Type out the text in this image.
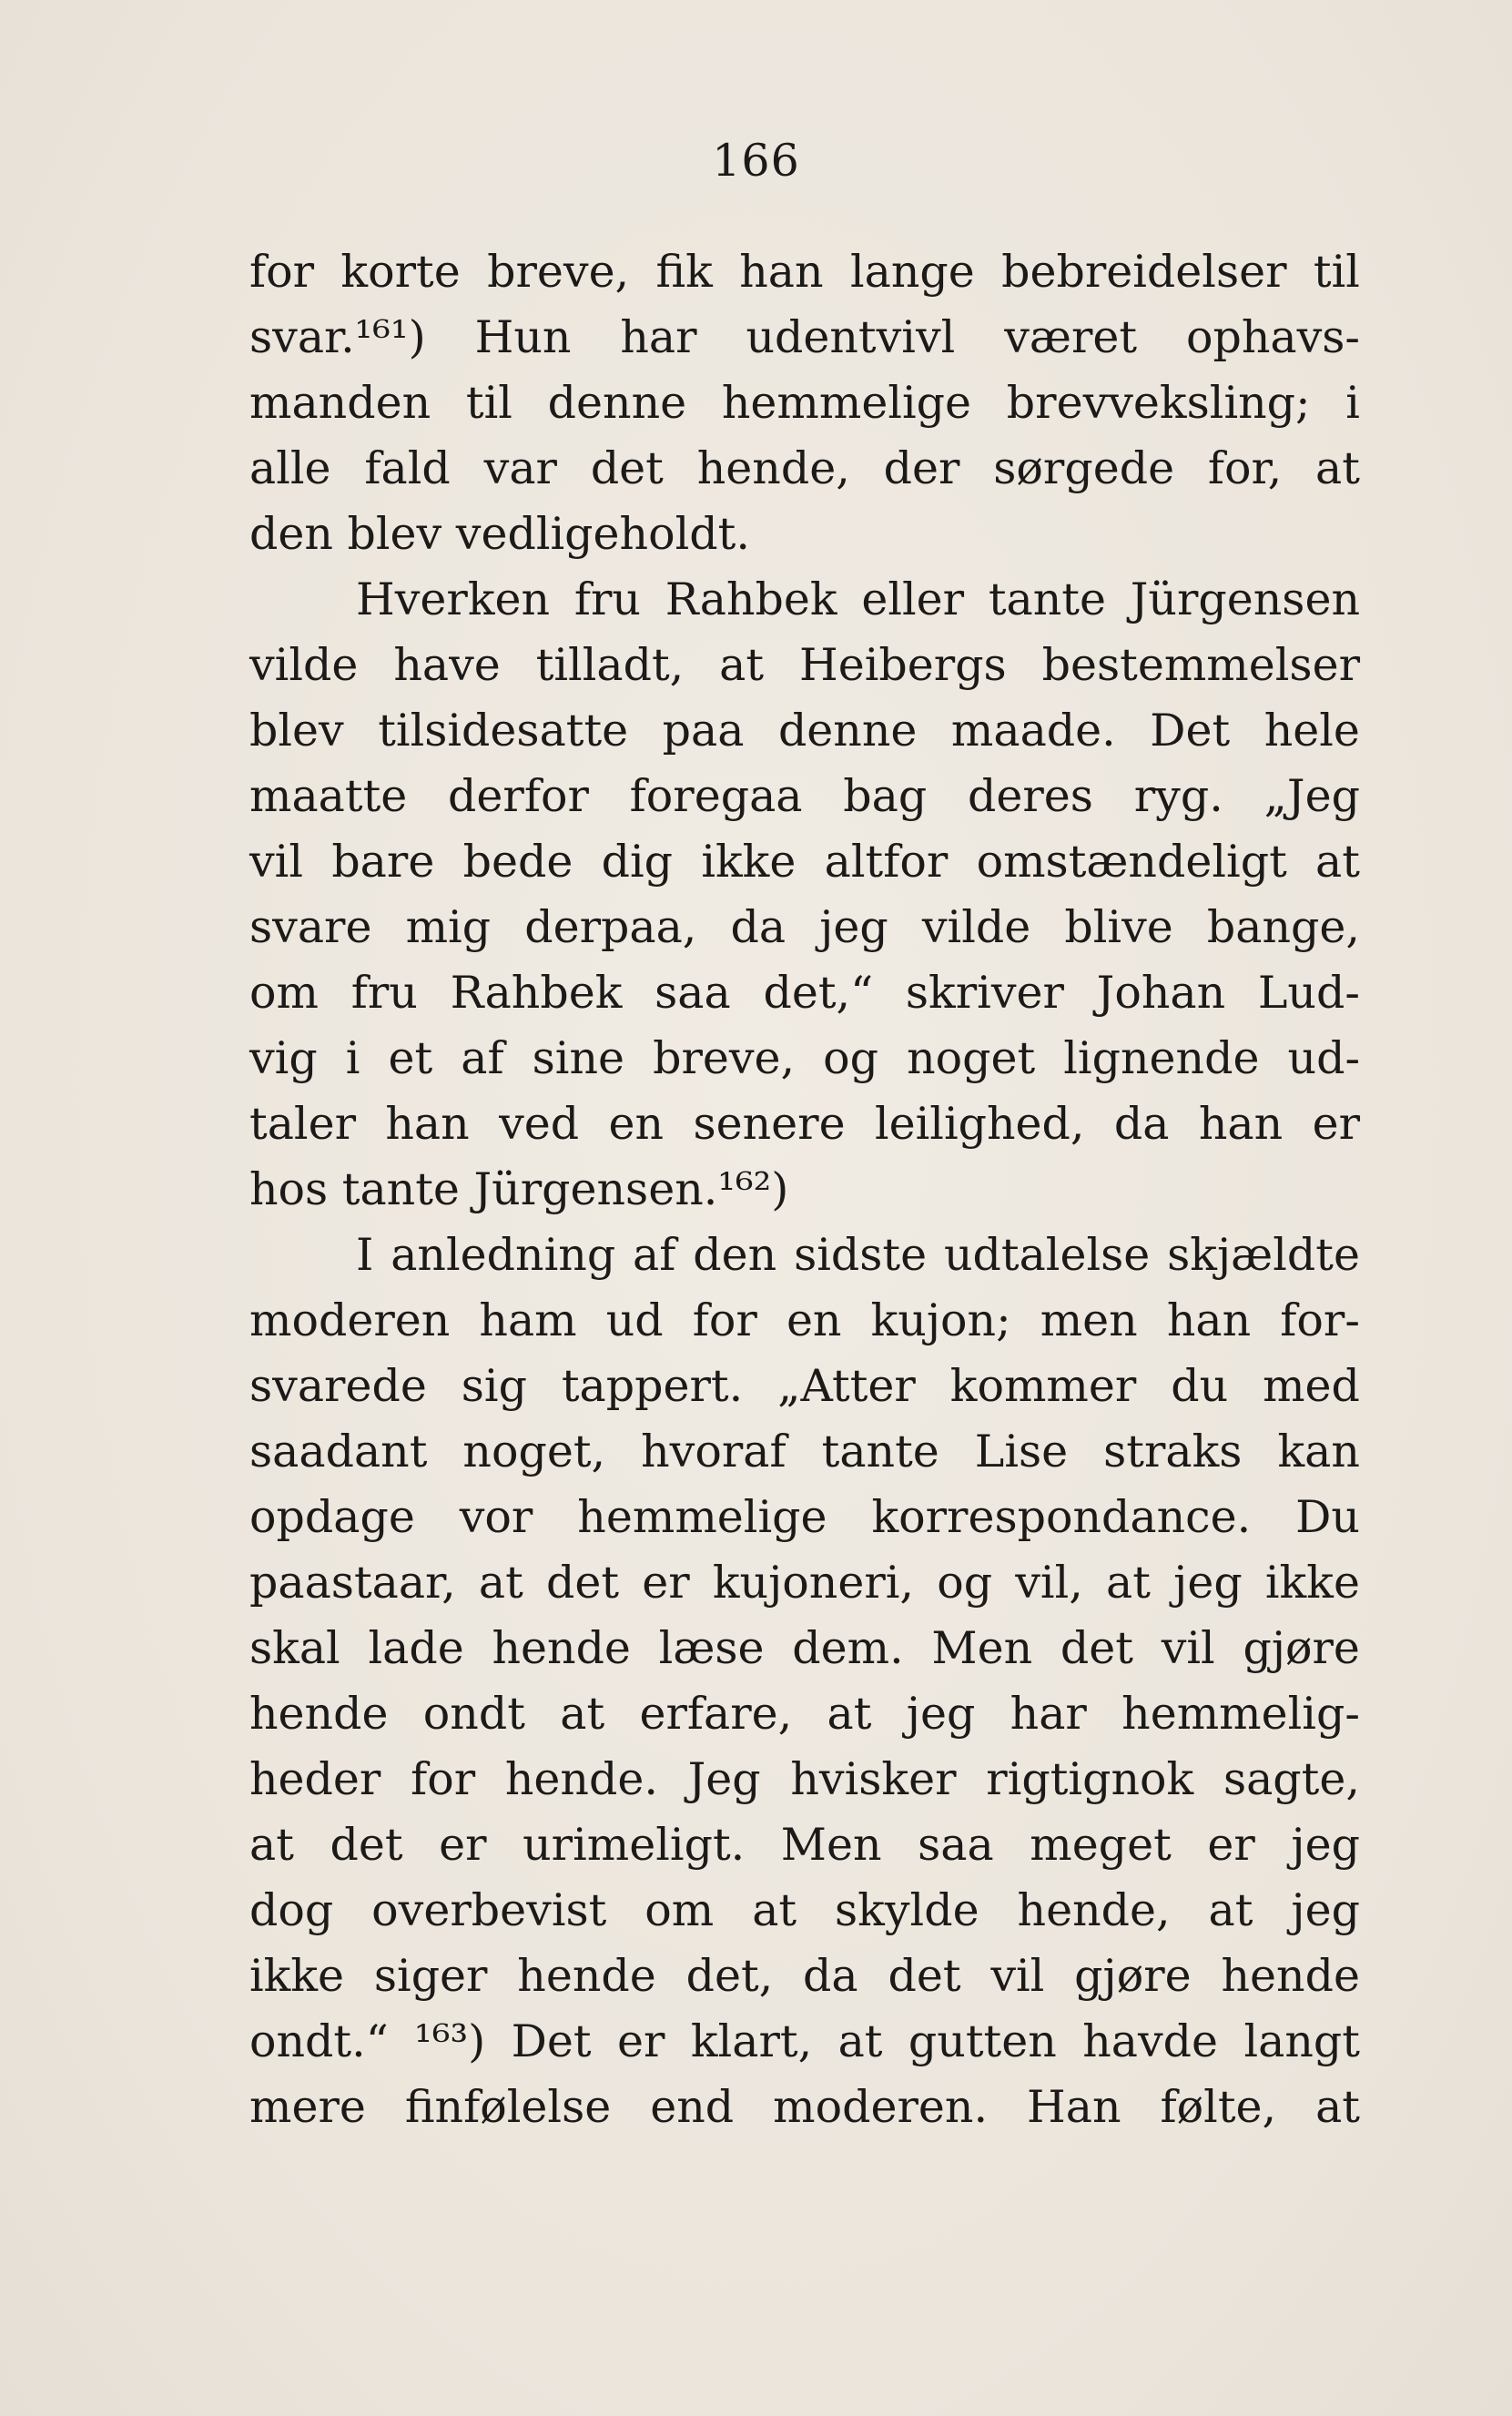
166
for korte breve, fik han lange bebreidelser til
svar.¹⁶¹) Hun har udentvivl været ophavs-
manden til denne hemmelige brevveksling; i
alle fald var det hende, der sørgede for, at
den blev vedligeholdt.
Hverken fru Rahbek eller tante Jürgensen
vilde have tilladt, at Heibergs bestemmelser
blev tilsidesatte paa denne maade. Det hele
maatte derfor foregaa bag deres ryg. „Jeg
vil bare bede dig ikke altfor omstændeligt at
svare mig derpaa, da jeg vilde blive bange,
om fru Rahbek saa det,“ skriver Johan Lud-
vig i et af sine breve, og noget lignende ud-
taler han ved en senere leilighed, da han er
hos tante Jürgensen.¹⁶²)
I anledning af den sidste udtalelse skjældte
moderen ham ud for en kujon; men han for-
svarede sig tappert. „Atter kommer du med
saadant noget, hvoraf tante Lise straks kan
opdage vor hemmelige korrespondance. Du
paastaar, at det er kujoneri, og vil, at jeg ikke
skal lade hende læse dem. Men det vil gjøre
hende ondt at erfare, at jeg har hemmelig-
heder for hende. Jeg hvisker rigtignok sagte,
at det er urimeligt. Men saa meget er jeg
dog overbevist om at skylde hende, at jeg
ikke siger hende det, da det vil gjøre hende
ondt.“ ¹⁶³) Det er klart, at gutten havde langt
mere finfølelse end moderen. Han følte, at
